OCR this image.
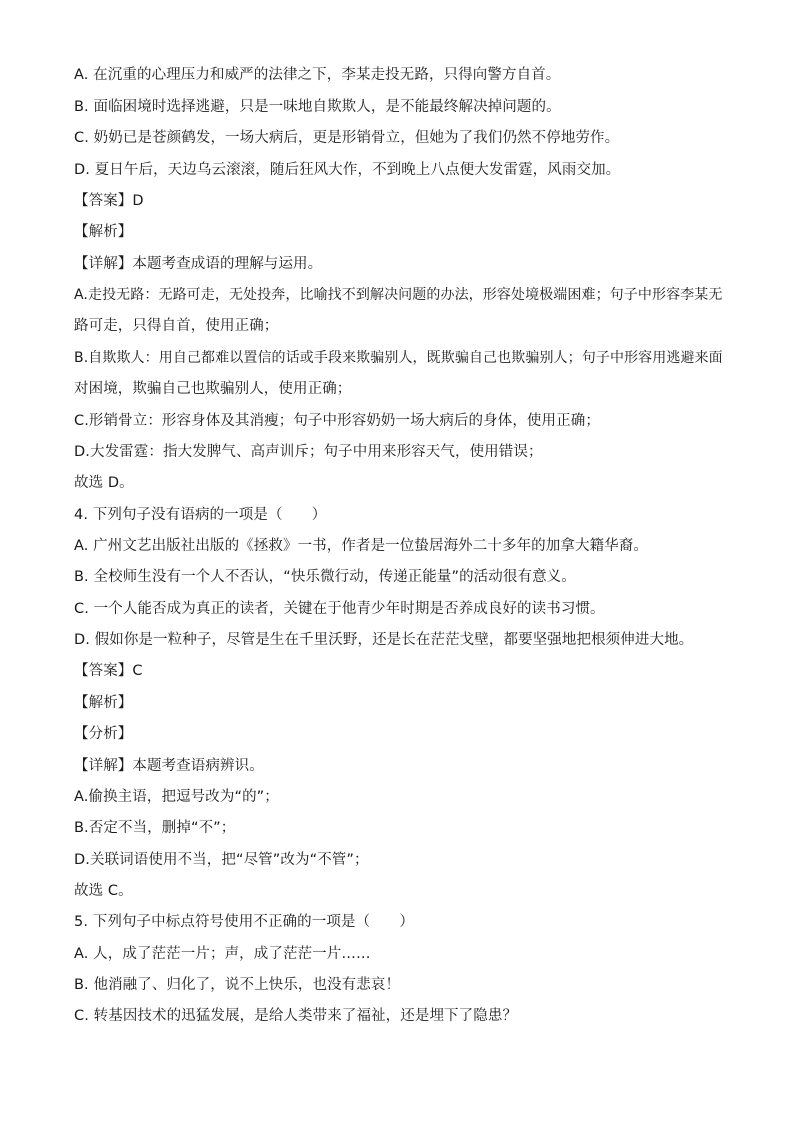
A. 在沉重的心理压力和威严的法律之下，李某走投无路，只得向警方自首。
B. 面临困境时选择逃避，只是一味地自欺欺人，是不能最终解决掉问题的。
C. 奶奶已是苍颜鹤发，一场大病后，更是形销骨立，但她为了我们仍然不停地劳作。
D. 夏日午后，天边乌云滚滚，随后狂风大作，不到晚上八点便大发雷霆，风雨交加。
【答案】D
【解析】
【详解】本题考查成语的理解与运用。
A.走投无路：无路可走，无处投奔，比喻找不到解决问题的办法，形容处境极端困难；句子中形容李某无
路可走，只得自首，使用正确；
B.自欺欺人：用自己都难以置信的话或手段来欺骗别人，既欺骗自己也欺骗别人；句子中形容用逃避来面
对困境，欺骗自己也欺骗别人，使用正确；
C.形销骨立：形容身体及其消瘦；句子中形容奶奶一场大病后的身体，使用正确；
D.大发雷霆：指大发脾气、高声训斥；句子中用来形容天气，使用错误；
故选 D。
4. 下列句子没有语病的一项是（　　）
A. 广州文艺出版社出版的《拯救》一书，作者是一位蛰居海外二十多年的加拿大籍华裔。
B. 全校师生没有一个人不否认，“快乐微行动，传递正能量”的活动很有意义。
C. 一个人能否成为真正的读者，关键在于他青少年时期是否养成良好的读书习惯。
D. 假如你是一粒种子，尽管是生在千里沃野，还是长在茫茫戈壁，都要坚强地把根须伸进大地。
【答案】C
【解析】
【分析】
【详解】本题考查语病辨识。
A.偷换主语，把逗号改为“的”；
B.否定不当，删掉“不”；
D.关联词语使用不当，把“尽管”改为“不管”；
故选 C。
5. 下列句子中标点符号使用不正确的一项是（　　）
A. 人，成了茫茫一片；声，成了茫茫一片……
B. 他消融了、归化了，说不上快乐，也没有悲哀！
C. 转基因技术的迅猛发展，是给人类带来了福祉，还是埋下了隐患？
